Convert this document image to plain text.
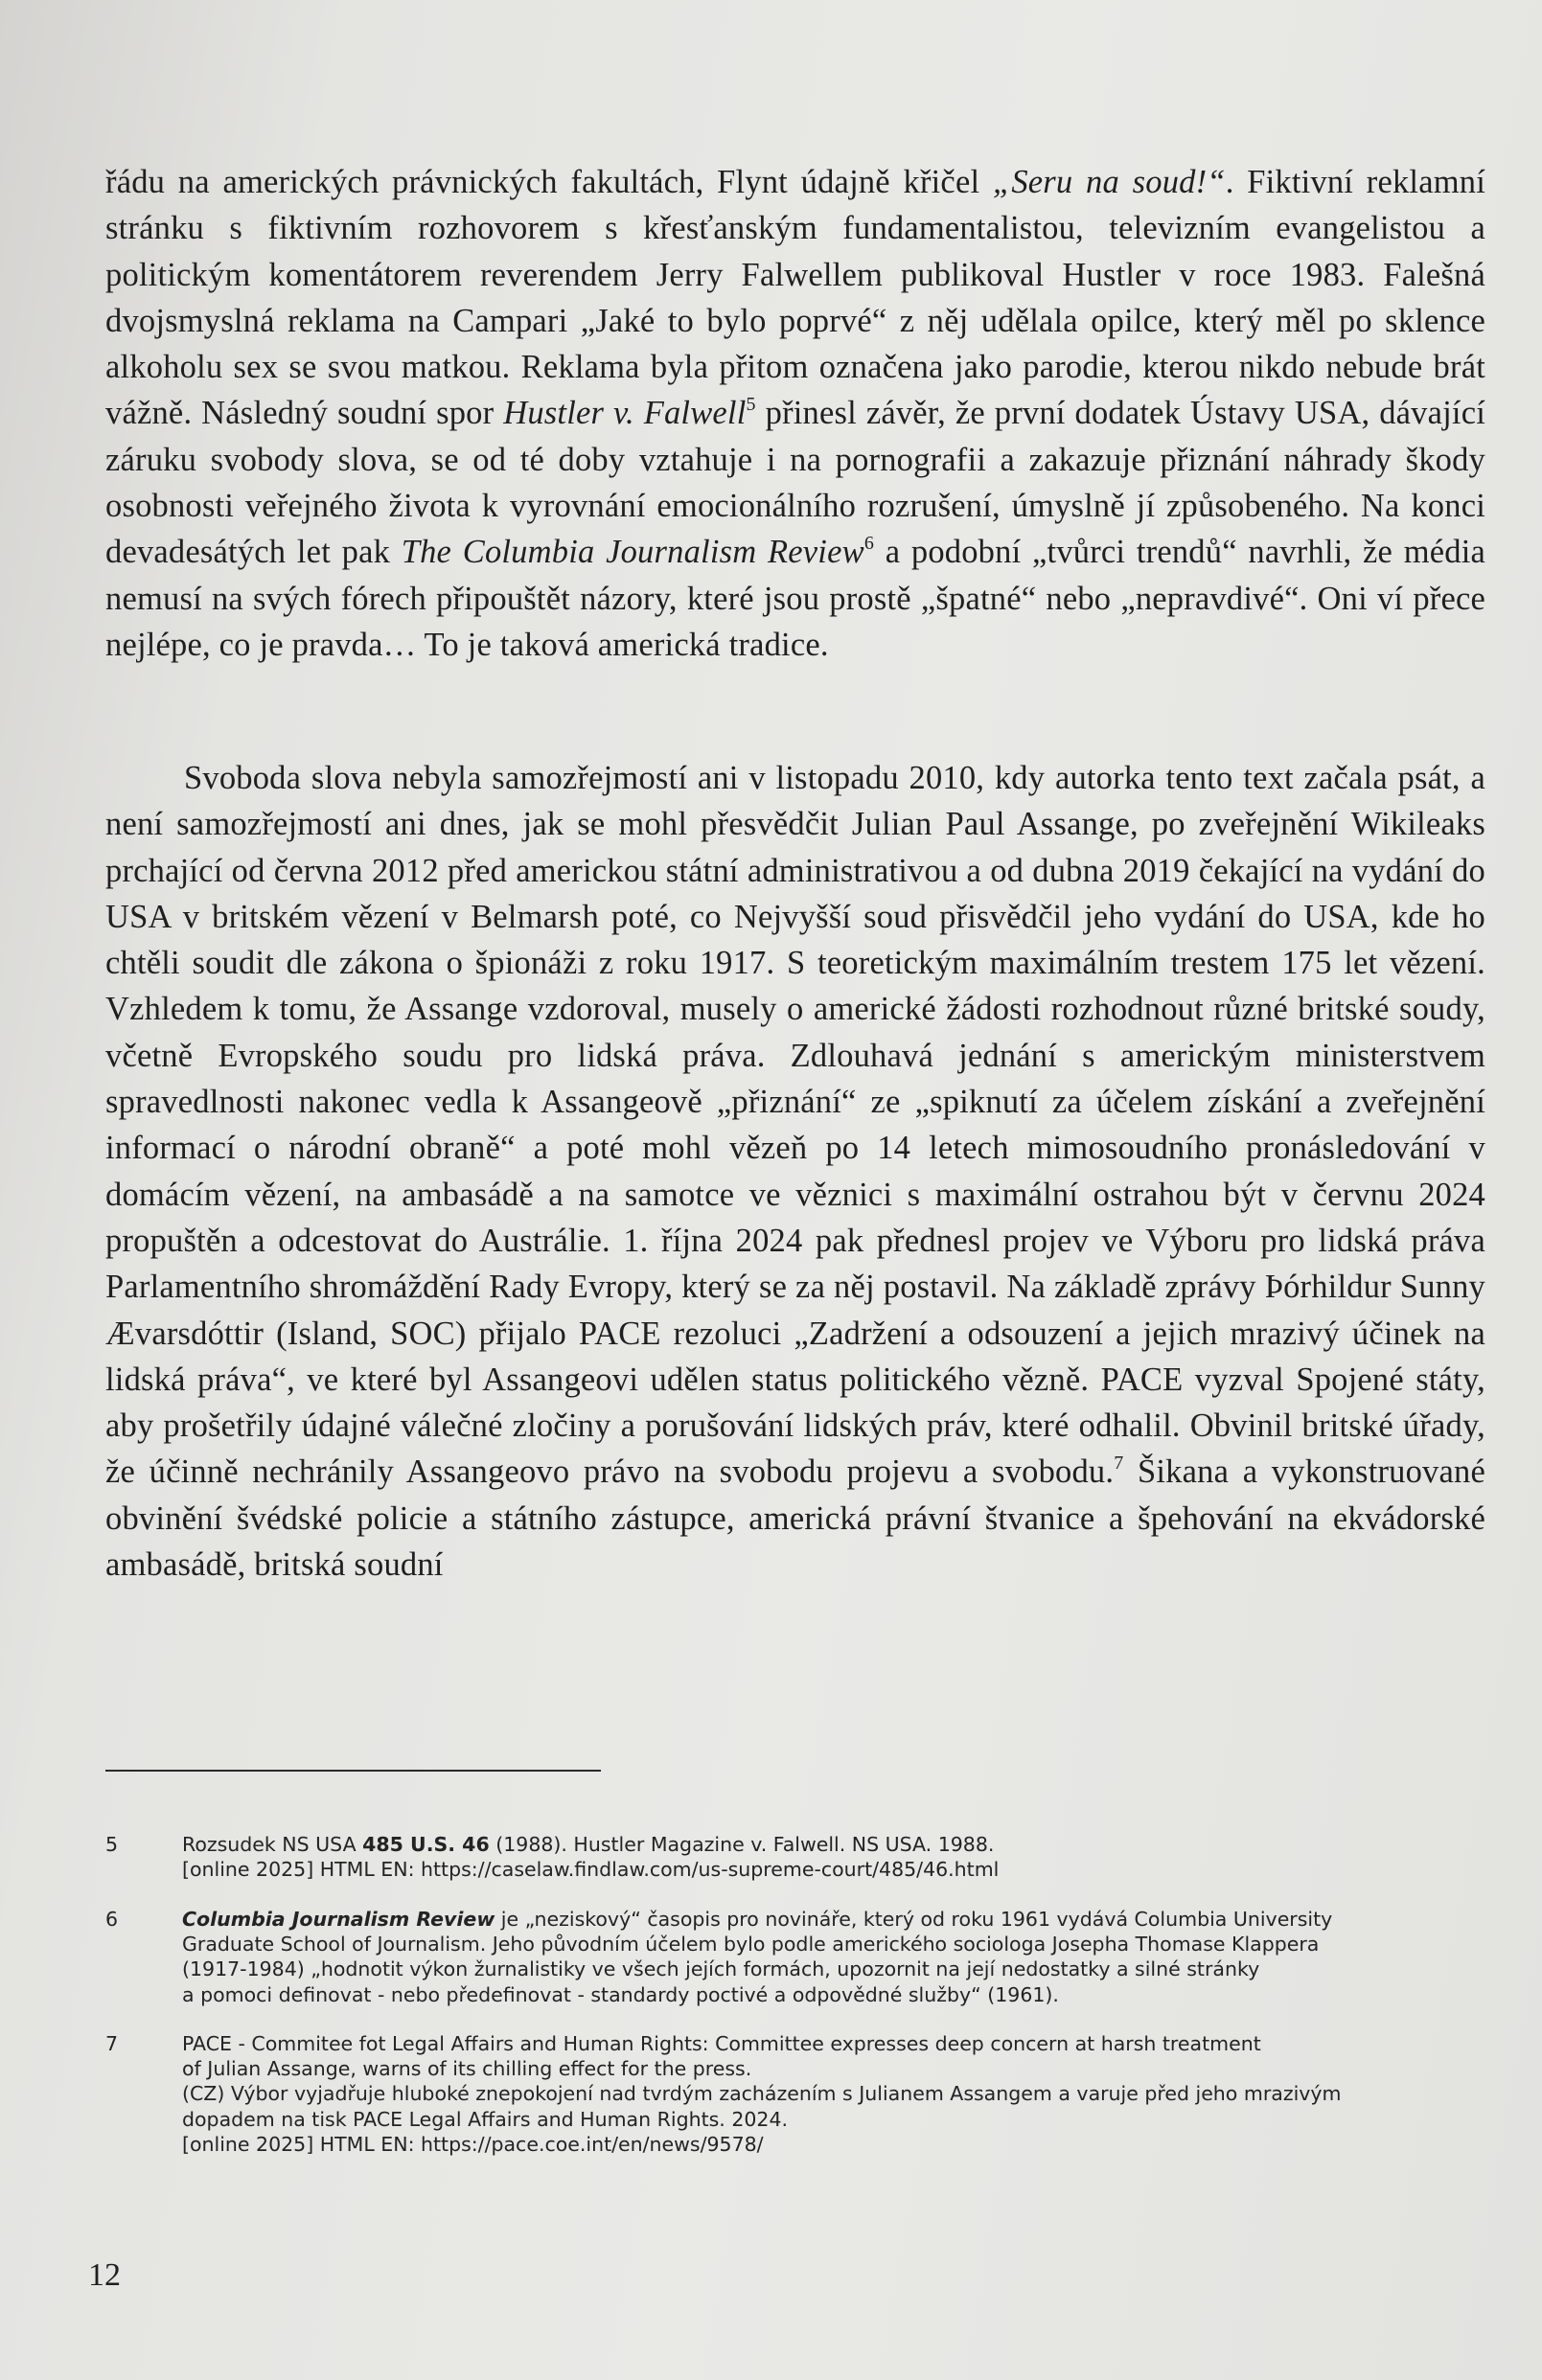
řádu na amerických právnických fakultách, Flynt údajně křičel „Seru na soud!“. Fiktivní reklamní stránku s fiktivním rozhovorem s křesťanským fundamentalistou, televizním evangelistou a politickým komentátorem reverendem Jerry Falwellem publikoval Hustler v roce 1983. Falešná dvojsmyslná reklama na Campari „Jaké to bylo poprvé“ z něj udělala opilce, který měl po sklence alkoholu sex se svou matkou. Reklama byla přitom označena jako parodie, kterou nikdo nebude brát vážně. Následný soudní spor Hustler v. Falwell$^5$ přinesl závěr, že první dodatek Ústavy USA, dávající záruku svobody slova, se od té doby vztahuje i na pornografii a zakazuje přiznání náhrady škody osobnosti veřejného života k vyrovnání emocionálního rozrušení, úmyslně jí způsobeného. Na konci devadesátých let pak The Columbia Journalism Review$^6$ a podobní „tvůrci trendů“ navrhli, že média nemusí na svých fórech připouštět názory, které jsou prostě „špatné“ nebo „nepravdivé“. Oni ví přece nejlépe, co je pravda… To je taková americká tradice.

Svoboda slova nebyla samozřejmostí ani v listopadu 2010, kdy autorka tento text začala psát, a není samozřejmostí ani dnes, jak se mohl přesvědčit Julian Paul Assange, po zveřejnění Wikileaks prchající od června 2012 před americkou státní administrativou a od dubna 2019 čekající na vydání do USA v britském vězení v Belmarsh poté, co Nejvyšší soud přisvědčil jeho vydání do USA, kde ho chtěli soudit dle zákona o špionáži z roku 1917. S teoretickým maximálním trestem 175 let vězení. Vzhledem k tomu, že Assange vzdoroval, musely o americké žádosti rozhodnout různé britské soudy, včetně Evropského soudu pro lidská práva. Zdlouhavá jednání s americkým ministerstvem spravedlnosti nakonec vedla k Assangeově „přiznání“ ze „spiknutí za účelem získání a zveřejnění informací o národní obraně“ a poté mohl vězeň po 14 letech mimosoudního pronásledování v domácím vězení, na ambasádě a na samotce ve věznici s maximální ostrahou být v červnu 2024 propuštěn a odcestovat do Austrálie. 1. října 2024 pak přednesl projev ve Výboru pro lidská práva Parlamentního shromáždění Rady Evropy, který se za něj postavil. Na základě zprávy Þórhildur Sunny Ævarsdóttir (Island, SOC) přijalo PACE rezoluci „Zadržení a odsouzení a jejich mrazivý účinek na lidská práva“, ve které byl Assangeovi udělen status politického vězně. PACE vyzval Spojené státy, aby prošetřily údajné válečné zločiny a porušování lidských práv, které odhalil. Obvinil britské úřady, že účinně nechránily Assangeovo právo na svobodu projevu a svobodu.$^7$ Šikana a vykonstruované obvinění švédské policie a státního zástupce, americká právní štvanice a špehování na ekvádorské ambasádě, britská soudní

5	Rozsudek NS USA 485 U.S. 46 (1988). Hustler Magazine v. Falwell. NS USA. 1988.
[online 2025] HTML EN: https://caselaw.findlaw.com/us-supreme-court/485/46.html
6	Columbia Journalism Review je „neziskový“ časopis pro novináře, který od roku 1961 vydává Columbia University
Graduate School of Journalism. Jeho původním účelem bylo podle amerického sociologa Josepha Thomase Klappera
(1917-1984) „hodnotit výkon žurnalistiky ve všech jejích formách, upozornit na její nedostatky a silné stránky
a pomoci definovat - nebo předefinovat - standardy poctivé a odpovědné služby“ (1961).
7	PACE - Commitee fot Legal Affairs and Human Rights: Committee expresses deep concern at harsh treatment
of Julian Assange, warns of its chilling effect for the press.
(CZ) Výbor vyjadřuje hluboké znepokojení nad tvrdým zacházením s Julianem Assangem a varuje před jeho mrazivým
dopadem na tisk PACE Legal Affairs and Human Rights. 2024.
[online 2025] HTML EN: https://pace.coe.int/en/news/9578/
12
